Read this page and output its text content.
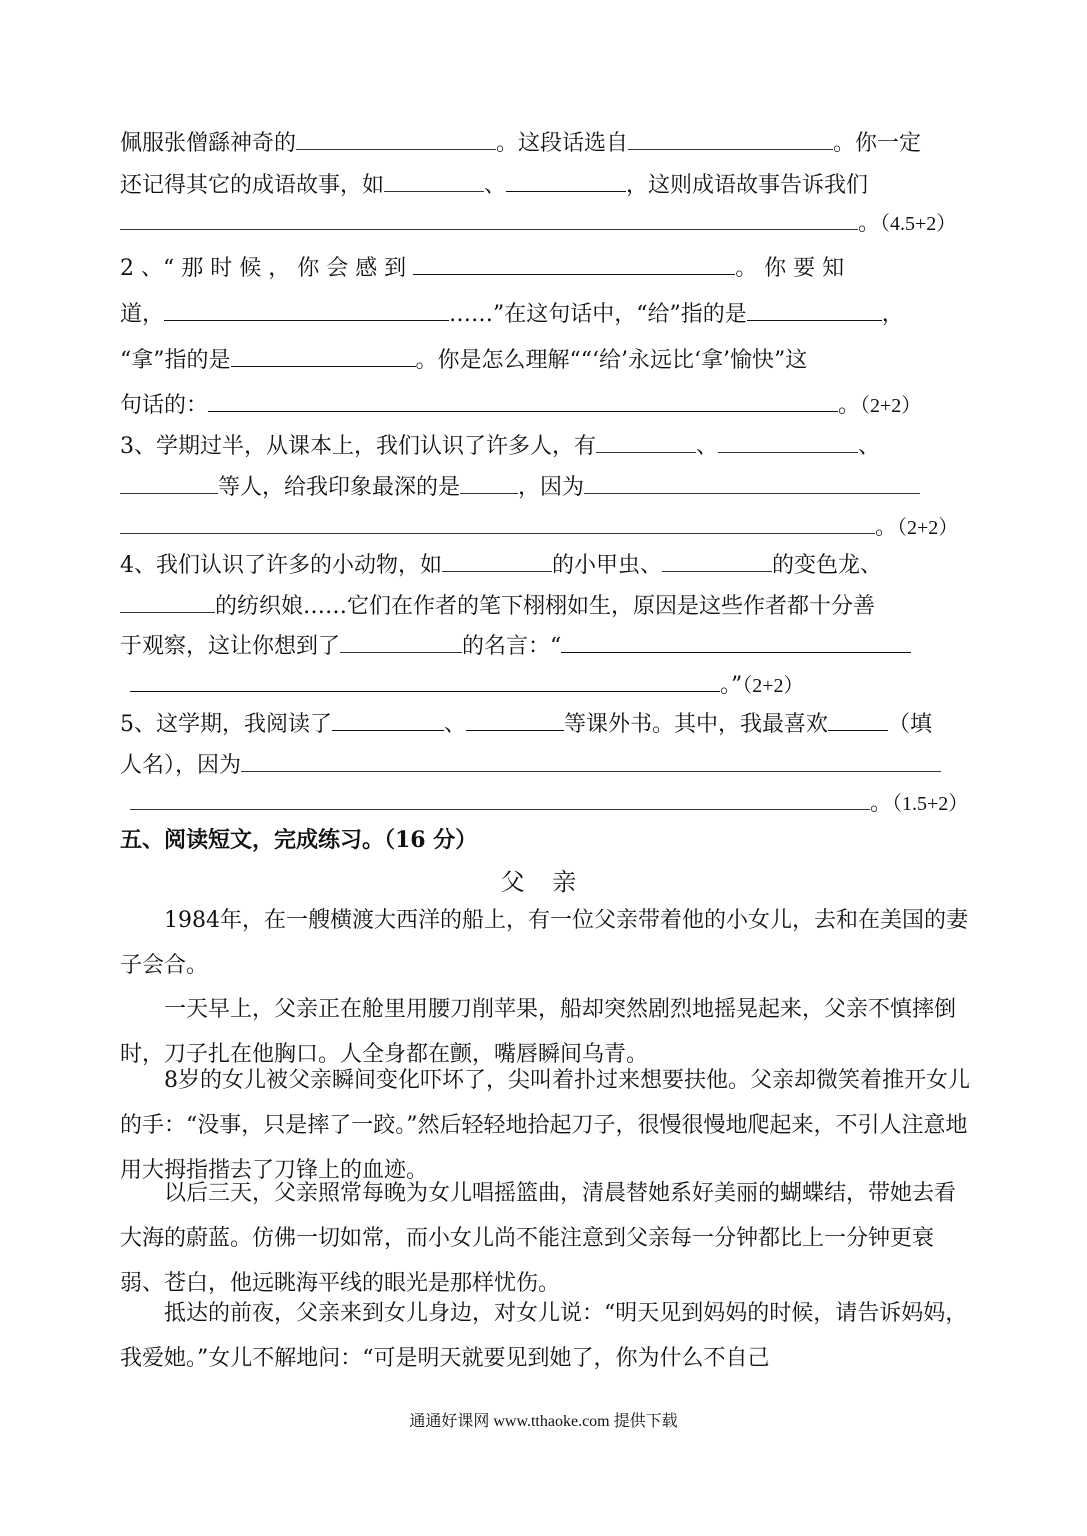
佩服张僧繇神奇的	。这段话选自	。你一定
还记得其它的成语故事，如	、	，这则成语故事告诉我们
。（4.5+2）
2 、“ 那 时 候 ， 你 会 感 到	。 你 要 知
道，	……”在这句话中，“给”指的是	，
“拿”指的是	。你是怎么理解““‘给’永远比‘拿’愉快”这
句话的：	。（2+2）
3、学期过半，从课本上，我们认识了许多人，有	、	、
等人，给我印象最深的是	，因为
。（2+2）
4、我们认识了许多的小动物，如	的小甲虫、	的变色龙、
的纺织娘……它们在作者的笔下栩栩如生，原因是这些作者都十分善
于观察，这让你想到了	的名言：“
。”（2+2）
5、这学期，我阅读了	、	等课外书。其中，我最喜欢	（填
人名），因为
。（1.5+2）
五、阅读短文，完成练习。（16 分）
父 亲
1984年，在一艘横渡大西洋的船上，有一位父亲带着他的小女儿，去和在美国的妻子会合。
一天早上，父亲正在舱里用腰刀削苹果，船却突然剧烈地摇晃起来，父亲不慎摔倒时，刀子扎在他胸口。人全身都在颤，嘴唇瞬间乌青。
8岁的女儿被父亲瞬间变化吓坏了，尖叫着扑过来想要扶他。父亲却微笑着推开女儿的手：“没事，只是摔了一跤。”然后轻轻地拾起刀子，很慢很慢地爬起来，不引人注意地用大拇指揩去了刀锋上的血迹。
以后三天，父亲照常每晚为女儿唱摇篮曲，清晨替她系好美丽的蝴蝶结，带她去看大海的蔚蓝。仿佛一切如常，而小女儿尚不能注意到父亲每一分钟都比上一分钟更衰弱、苍白，他远眺海平线的眼光是那样忧伤。
抵达的前夜，父亲来到女儿身边，对女儿说：“明天见到妈妈的时候，请告诉妈妈，我爱她。”女儿不解地问：“可是明天就要见到她了，你为什么不自己
通通好课网 www.tthaoke.com 提供下载
